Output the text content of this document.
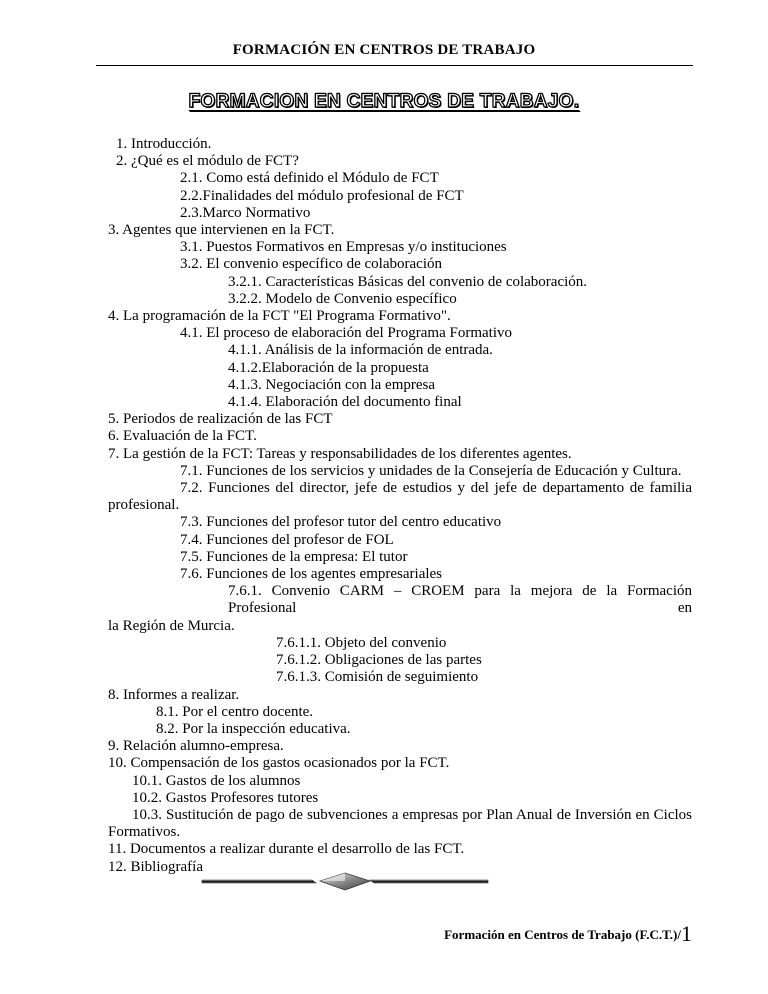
FORMACIÓN EN CENTROS DE TRABAJO
FORMACION EN CENTROS DE TRABAJO.
1. Introducción.
2. ¿Qué es el módulo de FCT?
2.1. Como está definido el Módulo de FCT
2.2.Finalidades del módulo profesional de FCT
2.3.Marco Normativo
3. Agentes que intervienen en la FCT.
3.1. Puestos Formativos en Empresas y/o instituciones
3.2. El convenio específico de colaboración
3.2.1. Características Básicas del convenio de colaboración.
3.2.2. Modelo de Convenio específico
4. La programación de la FCT "El Programa Formativo".
4.1. El proceso de elaboración del Programa Formativo
4.1.1. Análisis de la información de entrada.
4.1.2.Elaboración de la propuesta
4.1.3. Negociación con la empresa
4.1.4. Elaboración del documento final
5. Periodos de realización de las FCT
6. Evaluación de la FCT.
7. La gestión de la FCT: Tareas y responsabilidades de los diferentes agentes.
7.1. Funciones de los servicios y unidades de la Consejería de Educación y Cultura.
7.2. Funciones del director, jefe de estudios y del jefe de departamento de familia
profesional.
7.3. Funciones del profesor tutor del centro educativo
7.4. Funciones del profesor de FOL
7.5. Funciones de la empresa: El tutor
7.6. Funciones de los agentes empresariales
7.6.1. Convenio CARM – CROEM para la mejora de la Formación Profesional en
la Región de Murcia.
7.6.1.1. Objeto del convenio
7.6.1.2. Obligaciones de las partes
7.6.1.3. Comisión de seguimiento
8. Informes a realizar.
8.1. Por el centro docente.
8.2. Por la inspección educativa.
9. Relación alumno-empresa.
10. Compensación de los gastos ocasionados por la FCT.
10.1. Gastos de los alumnos
10.2. Gastos Profesores tutores
10.3. Sustitución de pago de subvenciones a empresas por Plan Anual de Inversión en Ciclos
Formativos.
11. Documentos a realizar durante el desarrollo de las FCT.
12. Bibliografía
Formación en Centros de Trabajo (F.C.T.)/1
